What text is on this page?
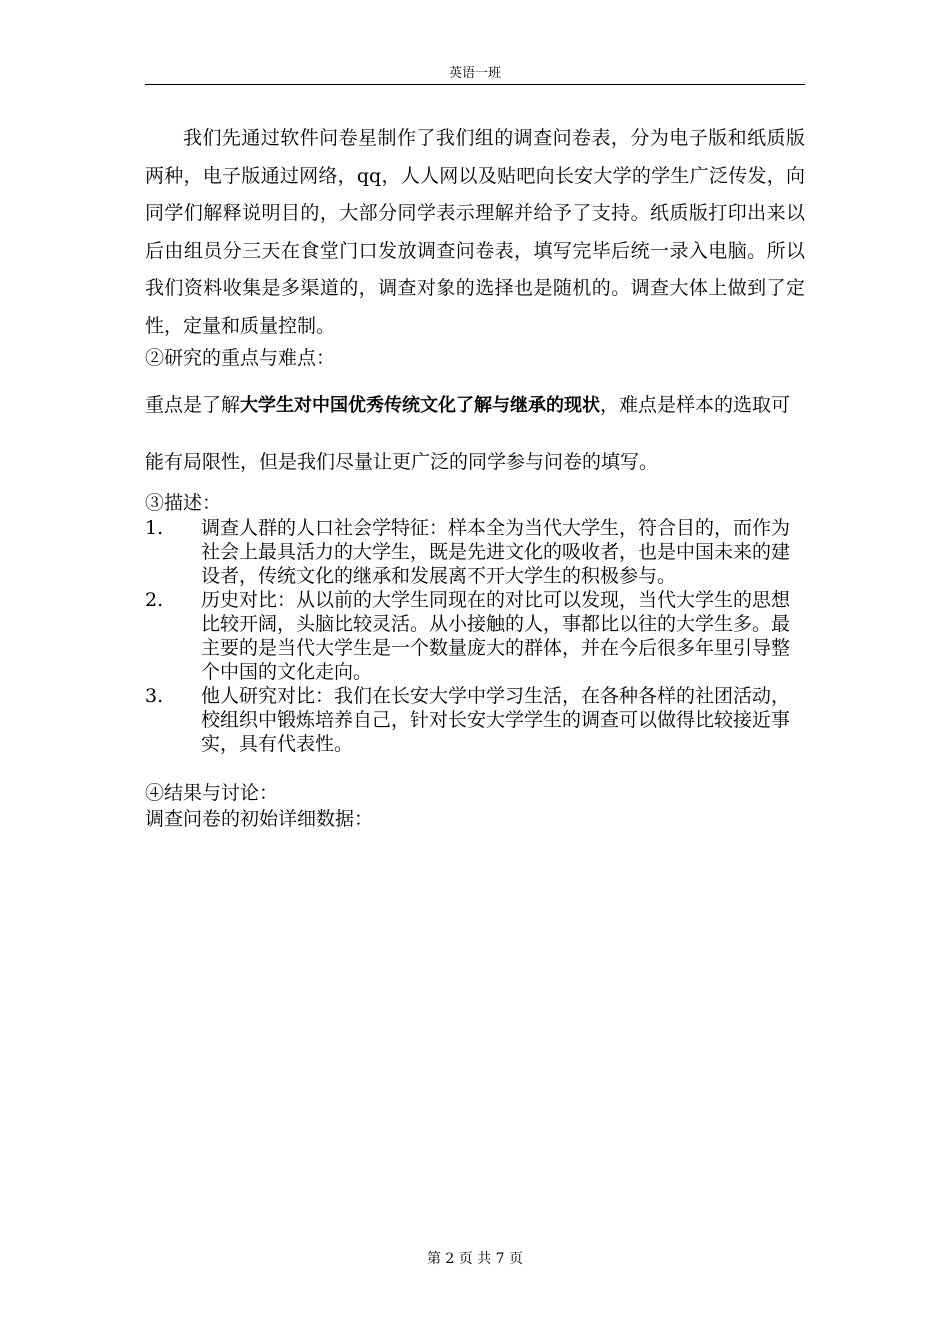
英语一班

我们先通过软件问卷星制作了我们组的调查问卷表，分为电子版和纸质版两种，电子版通过网络，qq，人人网以及贴吧向长安大学的学生广泛传发，向同学们解释说明目的，大部分同学表示理解并给予了支持。纸质版打印出来以后由组员分三天在食堂门口发放调查问卷表，填写完毕后统一录入电脑。所以我们资料收集是多渠道的，调查对象的选择也是随机的。调查大体上做到了定性，定量和质量控制。

②研究的重点与难点：

重点是了解大学生对中国优秀传统文化了解与继承的现状，难点是样本的选取可能有局限性，但是我们尽量让更广泛的同学参与问卷的填写。

③描述：
1. 调查人群的人口社会学特征：样本全为当代大学生，符合目的，而作为社会上最具活力的大学生，既是先进文化的吸收者，也是中国未来的建设者，传统文化的继承和发展离不开大学生的积极参与。
2. 历史对比：从以前的大学生同现在的对比可以发现，当代大学生的思想比较开阔，头脑比较灵活。从小接触的人，事都比以往的大学生多。最主要的是当代大学生是一个数量庞大的群体，并在今后很多年里引导整个中国的文化走向。
3. 他人研究对比：我们在长安大学中学习生活，在各种各样的社团活动，校组织中锻炼培养自己，针对长安大学学生的调查可以做得比较接近事实，具有代表性。
④结果与讨论：
调查问卷的初始详细数据：
第 2 页 共 7 页
